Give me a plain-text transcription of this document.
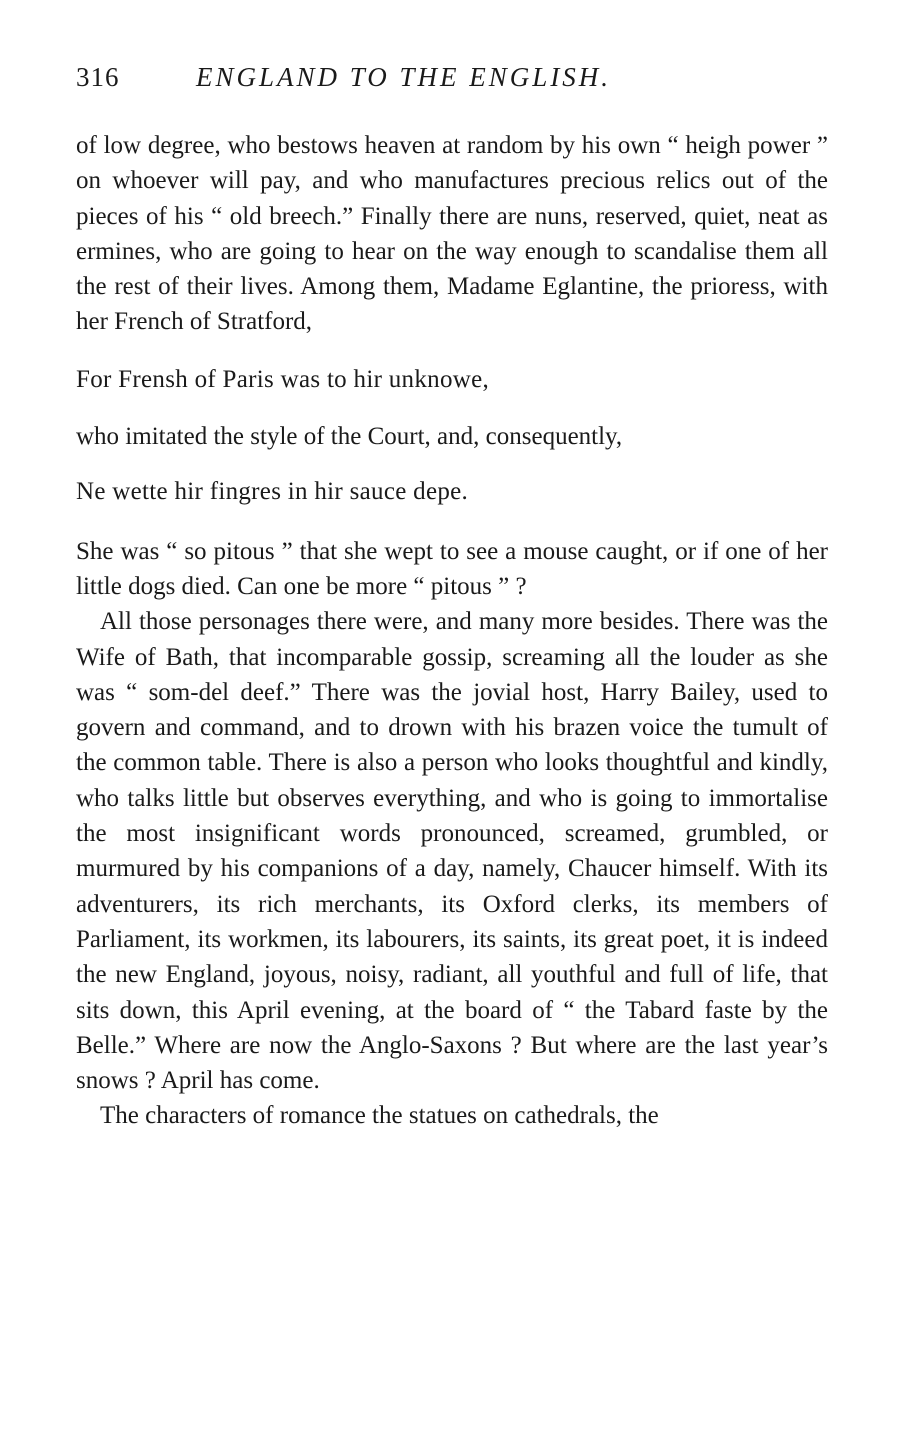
316	ENGLAND TO THE ENGLISH.

of low degree, who bestows heaven at random by his own “ heigh power ” on whoever will pay, and who manufactures precious relics out of the pieces of his “ old breech.” Finally there are nuns, reserved, quiet, neat as ermines, who are going to hear on the way enough to scandalise them all the rest of their lives. Among them, Madame Eglantine, the prioress, with her French of Stratford,

For Frensh of Paris was to hir unknowe,

who imitated the style of the Court, and, consequently,

Ne wette hir fingres in hir sauce depe.

She was “ so pitous ” that she wept to see a mouse caught, or if one of her little dogs died. Can one be more “ pitous ” ?

All those personages there were, and many more besides. There was the Wife of Bath, that incomparable gossip, screaming all the louder as she was “ som-del deef.” There was the jovial host, Harry Bailey, used to govern and command, and to drown with his brazen voice the tumult of the common table. There is also a person who looks thoughtful and kindly, who talks little but observes everything, and who is going to immortalise the most insignificant words pronounced, screamed, grumbled, or murmured by his companions of a day, namely, Chaucer himself. With its adventurers, its rich merchants, its Oxford clerks, its members of Parliament, its workmen, its labourers, its saints, its great poet, it is indeed the new England, joyous, noisy, radiant, all youthful and full of life, that sits down, this April evening, at the board of “ the Tabard faste by the Belle.” Where are now the Anglo-Saxons ? But where are the last year’s snows ? April has come.

The characters of romance the statues on cathedrals, the
